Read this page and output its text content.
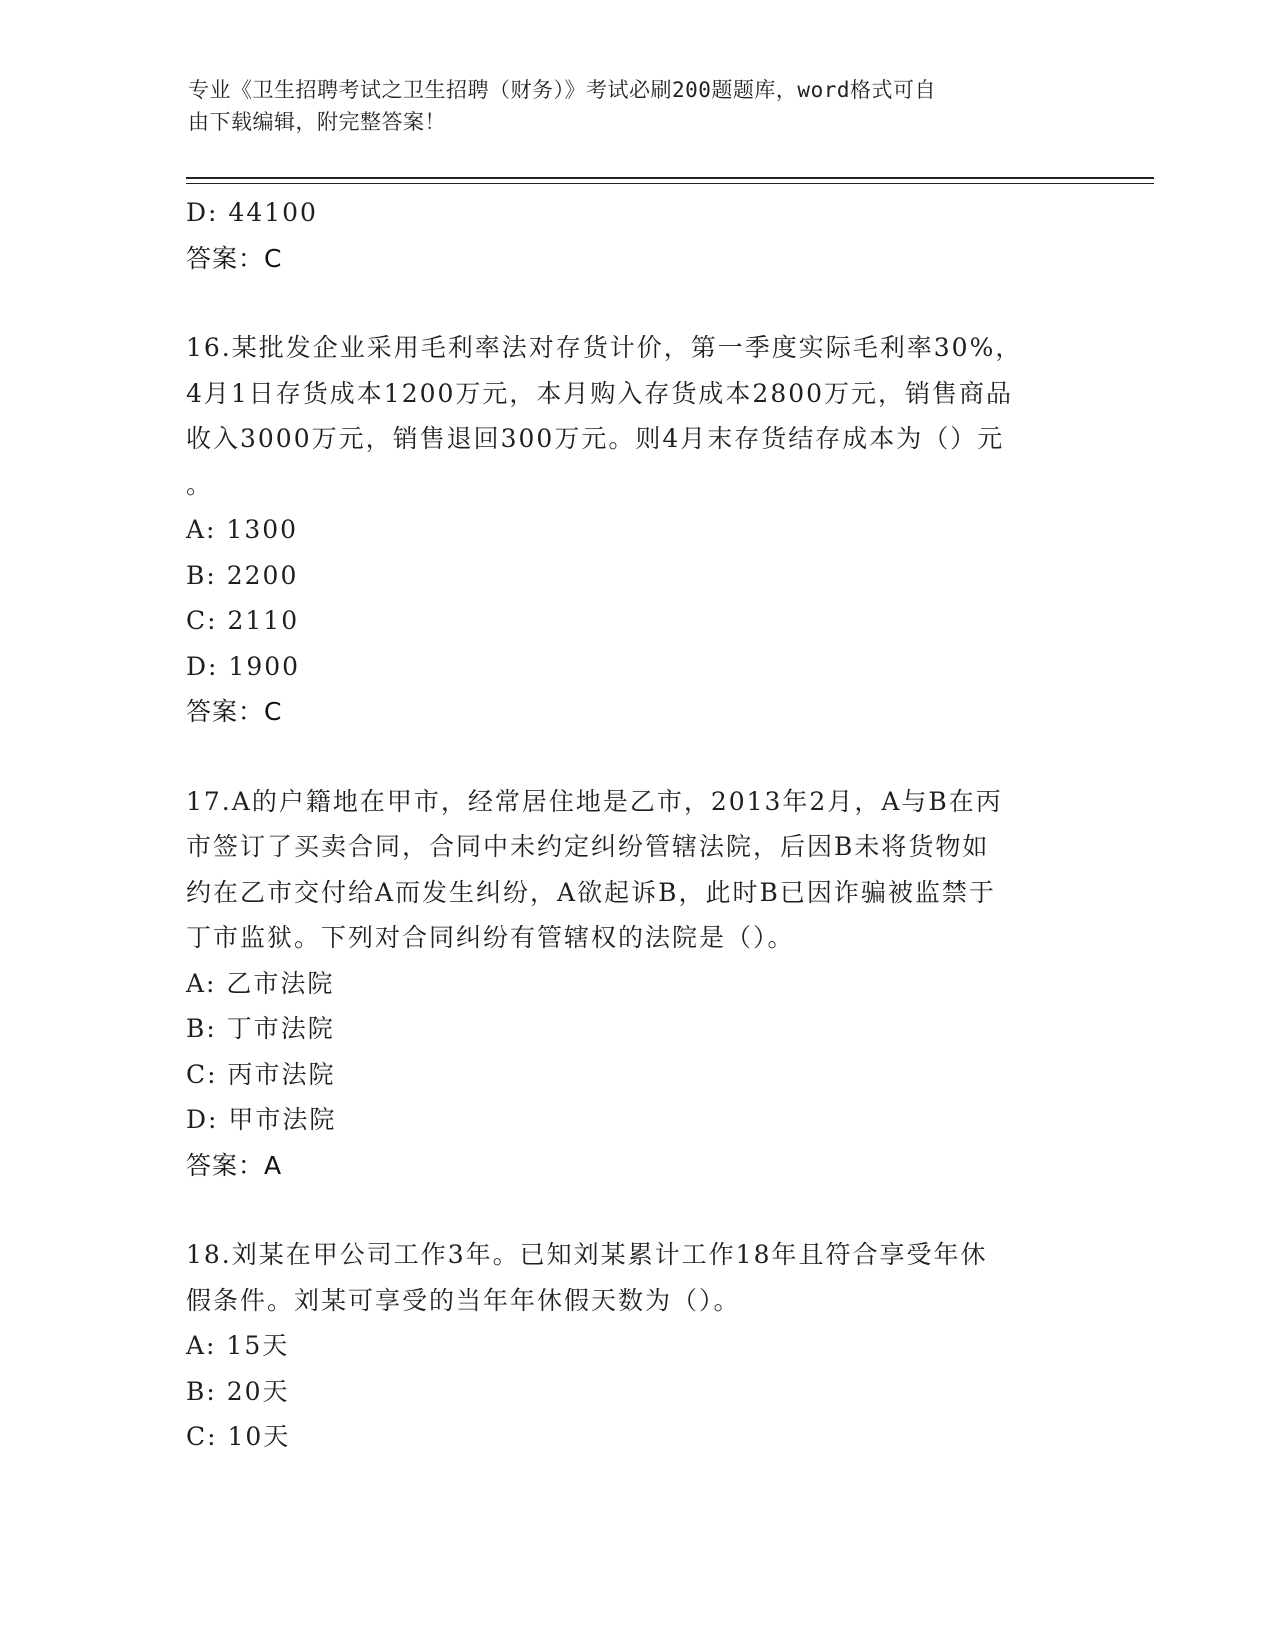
专业《卫生招聘考试之卫生招聘（财务）》考试必刷200题题库，word格式可自
由下载编辑，附完整答案！
D: 44100
答案：C
16.某批发企业采用毛利率法对存货计价，第一季度实际毛利率30%，
4月1日存货成本1200万元，本月购入存货成本2800万元，销售商品
收入3000万元，销售退回300万元。则4月末存货结存成本为（）元
。
A: 1300
B: 2200
C: 2110
D: 1900
答案：C
17.A的户籍地在甲市，经常居住地是乙市，2013年2月，A与B在丙
市签订了买卖合同，合同中未约定纠纷管辖法院，后因B未将货物如
约在乙市交付给A而发生纠纷，A欲起诉B，此时B已因诈骗被监禁于
丁市监狱。下列对合同纠纷有管辖权的法院是（）。
A: 乙市法院
B: 丁市法院
C: 丙市法院
D: 甲市法院
答案：A
18.刘某在甲公司工作3年。已知刘某累计工作18年且符合享受年休
假条件。刘某可享受的当年年休假天数为（）。
A: 15天
B: 20天
C: 10天
